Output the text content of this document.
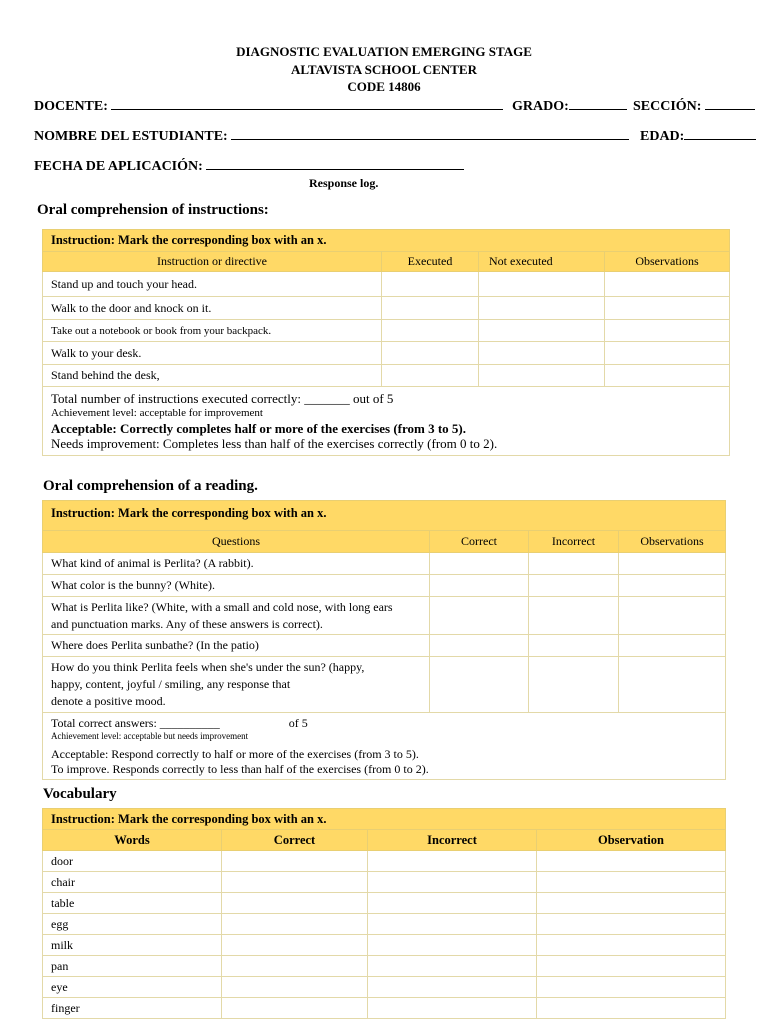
DIAGNOSTIC EVALUATION EMERGING STAGE
ALTAVISTA SCHOOL CENTER
CODE 14806
DOCENTE:	GRADO:	SECCIÓN:
NOMBRE DEL ESTUDIANTE:	EDAD:
FECHA DE APLICACIÓN:
Response log.
Oral comprehension of instructions:
Instruction: Mark the corresponding box with an x.			
Instruction or directive	Executed	Not executed	Observations
Stand up and touch your head.			
Walk to the door and knock on it.			
Take out a notebook or book from your backpack.			
Walk to your desk.			
Stand behind the desk,			

Total number of instructions executed correctly: _______ out of 5
Achievement level: acceptable for improvement
Acceptable: Correctly completes half or more of the exercises (from 3 to 5).
Needs improvement: Completes less than half of the exercises correctly (from 0 to 2).			
Oral comprehension of a reading.
Instruction: Mark the corresponding box with an x.			
Questions	Correct	Incorrect	Observations
What kind of animal is Perlita? (A rabbit).			
What color is the bunny? (White).			

What is Perlita like? (White, with a small and cold nose, with long ears
and punctuation marks. Any of these answers is correct).			

Where does Perlita sunbathe? (In the patio)			

How do you think Perlita feels when she's under the sun? (happy,
happy, content, joyful / smiling, any response that
denote a positive mood.			

Total correct answers: __________ of 5
Achievement level: acceptable but needs improvement
Acceptable: Respond correctly to half or more of the exercises (from 3 to 5).
To improve. Responds correctly to less than half of the exercises (from 0 to 2).			
Vocabulary
Instruction: Mark the corresponding box with an x.			
Words	Correct	Incorrect	Observation
door			
chair			
table			
egg			
milk			
pan			
eye			
finger			
